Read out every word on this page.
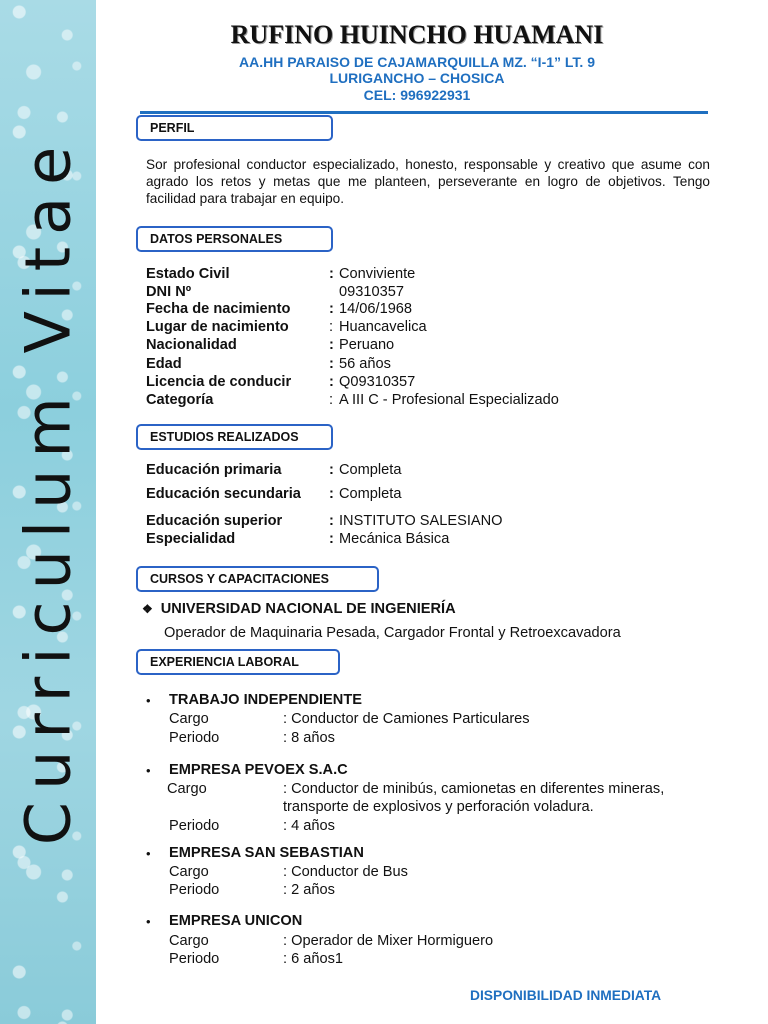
Curriculum Vitae
RUFINO HUINCHO HUAMANI
AA.HH PARAISO DE CAJAMARQUILLA MZ. “I-1” LT. 9
LURIGANCHO – CHOSICA
CEL: 996922931
PERFIL
Sor profesional conductor especializado, honesto, responsable y creativo que asume con agrado los retos y metas que me planteen, perseverante en logro de objetivos. Tengo facilidad para trabajar en equipo.
DATOS PERSONALES
Estado Civil	: Conviviente
DNI Nº	09310357
Fecha de nacimiento	: 14/06/1968
Lugar de nacimiento	: Huancavelica
Nacionalidad	: Peruano
Edad	: 56 años
Licencia de conducir	: Q09310357
Categoría	: A III C - Profesional Especializado
ESTUDIOS REALIZADOS
Educación primaria	: Completa
Educación secundaria : Completa
Educación superior	: INSTITUTO SALESIANO
Especialidad	: Mecánica Básica
CURSOS Y CAPACITACIONES
❖ UNIVERSIDAD NACIONAL DE INGENIERÍA
Operador de Maquinaria Pesada, Cargador Frontal y Retroexcavadora
EXPERIENCIA LABORAL
• TRABAJO INDEPENDIENTE
Cargo	: Conductor de Camiones Particulares
Periodo	: 8 años
• EMPRESA PEVOEX S.A.C
Cargo	: Conductor de minibús, camionetas en diferentes mineras,
transporte de explosivos y perforación voladura.
Periodo	: 4 años
• EMPRESA SAN SEBASTIAN
Cargo	: Conductor de Bus
Periodo	: 2 años
• EMPRESA UNICON
Cargo	: Operador de Mixer Hormiguero
Periodo	: 6 años1
DISPONIBILIDAD INMEDIATA
